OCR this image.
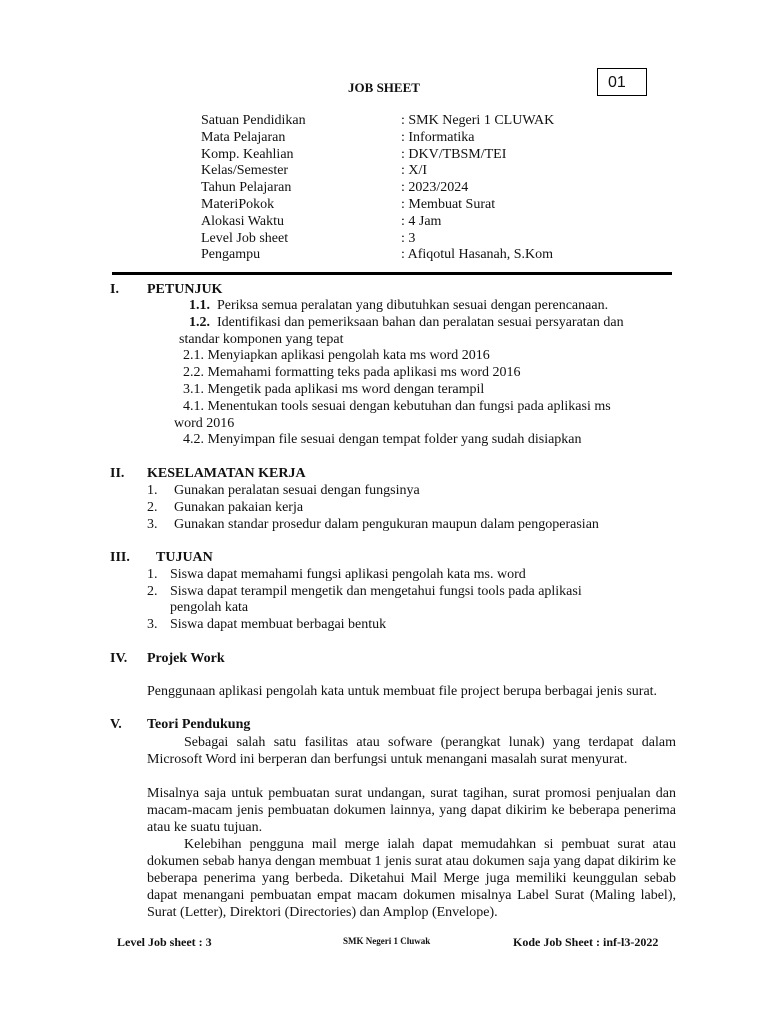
JOB SHEET	01
Satuan Pendidikan	: SMK Negeri 1 CLUWAK
Mata Pelajaran	: Informatika
Komp. Keahlian	: DKV/TBSM/TEI
Kelas/Semester	: X/I
Tahun Pelajaran	: 2023/2024
MateriPokok	: Membuat Surat
Alokasi Waktu	: 4 Jam
Level Job sheet	: 3
Pengampu	: Afiqotul Hasanah, S.Kom
I. PETUNJUK
1.1. Periksa semua peralatan yang dibutuhkan sesuai dengan perencanaan.
1.2. Identifikasi dan pemeriksaan bahan dan peralatan sesuai persyaratan dan
standar komponen yang tepat
2.1. Menyiapkan aplikasi pengolah kata ms word 2016
2.2. Memahami formatting teks pada aplikasi ms word 2016
3.1. Mengetik pada aplikasi ms word dengan terampil
4.1. Menentukan tools sesuai dengan kebutuhan dan fungsi pada aplikasi ms
word 2016
4.2. Menyimpan file sesuai dengan tempat folder yang sudah disiapkan
II. KESELAMATAN KERJA
1. Gunakan peralatan sesuai dengan fungsinya
2. Gunakan pakaian kerja
3. Gunakan standar prosedur dalam pengukuran maupun dalam pengoperasian
III. TUJUAN
1. Siswa dapat memahami fungsi aplikasi pengolah kata ms. word
2. Siswa dapat terampil mengetik dan mengetahui fungsi tools pada aplikasi
pengolah kata
3. Siswa dapat membuat berbagai bentuk
IV. Projek Work
Penggunaan aplikasi pengolah kata untuk membuat file project berupa berbagai jenis surat.
V. Teori Pendukung
Sebagai salah satu fasilitas atau sofware (perangkat lunak) yang terdapat dalam Microsoft Word ini berperan dan berfungsi untuk menangani masalah surat menyurat.
Misalnya saja untuk pembuatan surat undangan, surat tagihan, surat promosi penjualan dan macam-macam jenis pembuatan dokumen lainnya, yang dapat dikirim ke beberapa penerima atau ke suatu tujuan.
Kelebihan pengguna mail merge ialah dapat memudahkan si pembuat surat atau dokumen sebab hanya dengan membuat 1 jenis surat atau dokumen saja yang dapat dikirim ke beberapa penerima yang berbeda. Diketahui Mail Merge juga memiliki keunggulan sebab dapat menangani pembuatan empat macam dokumen misalnya Label Surat (Maling label), Surat (Letter), Direktori (Directories) dan Amplop (Envelope).
Level Job sheet : 3	SMK Negeri 1 Cluwak	Kode Job Sheet : inf-l3-2022
